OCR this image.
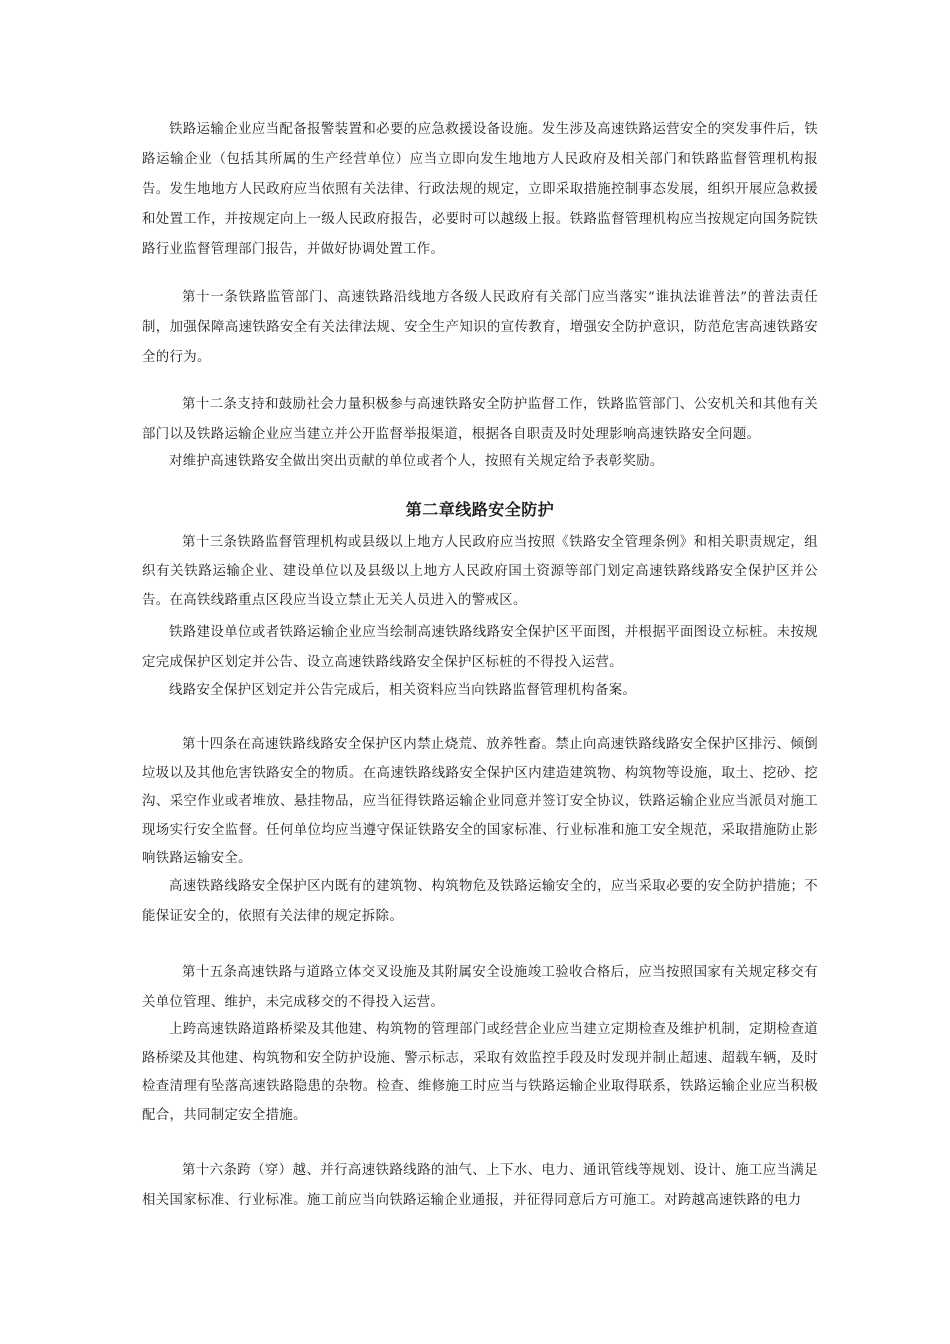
铁路运输企业应当配备报警装置和必要的应急救援设备设施。发生涉及高速铁路运营安全的突发事件后，铁路运输企业（包括其所属的生产经营单位）应当立即向发生地地方人民政府及相关部门和铁路监督管理机构报告。发生地地方人民政府应当依照有关法律、行政法规的规定，立即采取措施控制事态发展，组织开展应急救援和处置工作，并按规定向上一级人民政府报告，必要时可以越级上报。铁路监督管理机构应当按规定向国务院铁路行业监督管理部门报告，并做好协调处置工作。

第十一条铁路监管部门、高速铁路沿线地方各级人民政府有关部门应当落实“谁执法谁普法”的普法责任制，加强保障高速铁路安全有关法律法规、安全生产知识的宣传教育，增强安全防护意识，防范危害高速铁路安全的行为。

第十二条支持和鼓励社会力量积极参与高速铁路安全防护监督工作，铁路监管部门、公安机关和其他有关部门以及铁路运输企业应当建立并公开监督举报渠道，根据各自职责及时处理影响高速铁路安全问题。

对维护高速铁路安全做出突出贡献的单位或者个人，按照有关规定给予表彰奖励。

第二章线路安全防护

第十三条铁路监督管理机构或县级以上地方人民政府应当按照《铁路安全管理条例》和相关职责规定，组织有关铁路运输企业、建设单位以及县级以上地方人民政府国土资源等部门划定高速铁路线路安全保护区并公告。在高铁线路重点区段应当设立禁止无关人员进入的警戒区。

铁路建设单位或者铁路运输企业应当绘制高速铁路线路安全保护区平面图，并根据平面图设立标桩。未按规定完成保护区划定并公告、设立高速铁路线路安全保护区标桩的不得投入运营。

线路安全保护区划定并公告完成后，相关资料应当向铁路监督管理机构备案。

第十四条在高速铁路线路安全保护区内禁止烧荒、放养牲畜。禁止向高速铁路线路安全保护区排污、倾倒垃圾以及其他危害铁路安全的物质。在高速铁路线路安全保护区内建造建筑物、构筑物等设施，取土、挖砂、挖沟、采空作业或者堆放、悬挂物品，应当征得铁路运输企业同意并签订安全协议，铁路运输企业应当派员对施工现场实行安全监督。任何单位均应当遵守保证铁路安全的国家标准、行业标准和施工安全规范，采取措施防止影响铁路运输安全。

高速铁路线路安全保护区内既有的建筑物、构筑物危及铁路运输安全的，应当采取必要的安全防护措施；不能保证安全的，依照有关法律的规定拆除。

第十五条高速铁路与道路立体交叉设施及其附属安全设施竣工验收合格后，应当按照国家有关规定移交有关单位管理、维护，未完成移交的不得投入运营。

上跨高速铁路道路桥梁及其他建、构筑物的管理部门或经营企业应当建立定期检查及维护机制，定期检查道路桥梁及其他建、构筑物和安全防护设施、警示标志，采取有效监控手段及时发现并制止超速、超载车辆，及时检查清理有坠落高速铁路隐患的杂物。检查、维修施工时应当与铁路运输企业取得联系，铁路运输企业应当积极配合，共同制定安全措施。

第十六条跨（穿）越、并行高速铁路线路的油气、上下水、电力、通讯管线等规划、设计、施工应当满足相关国家标准、行业标准。施工前应当向铁路运输企业通报，并征得同意后方可施工。对跨越高速铁路的电力
